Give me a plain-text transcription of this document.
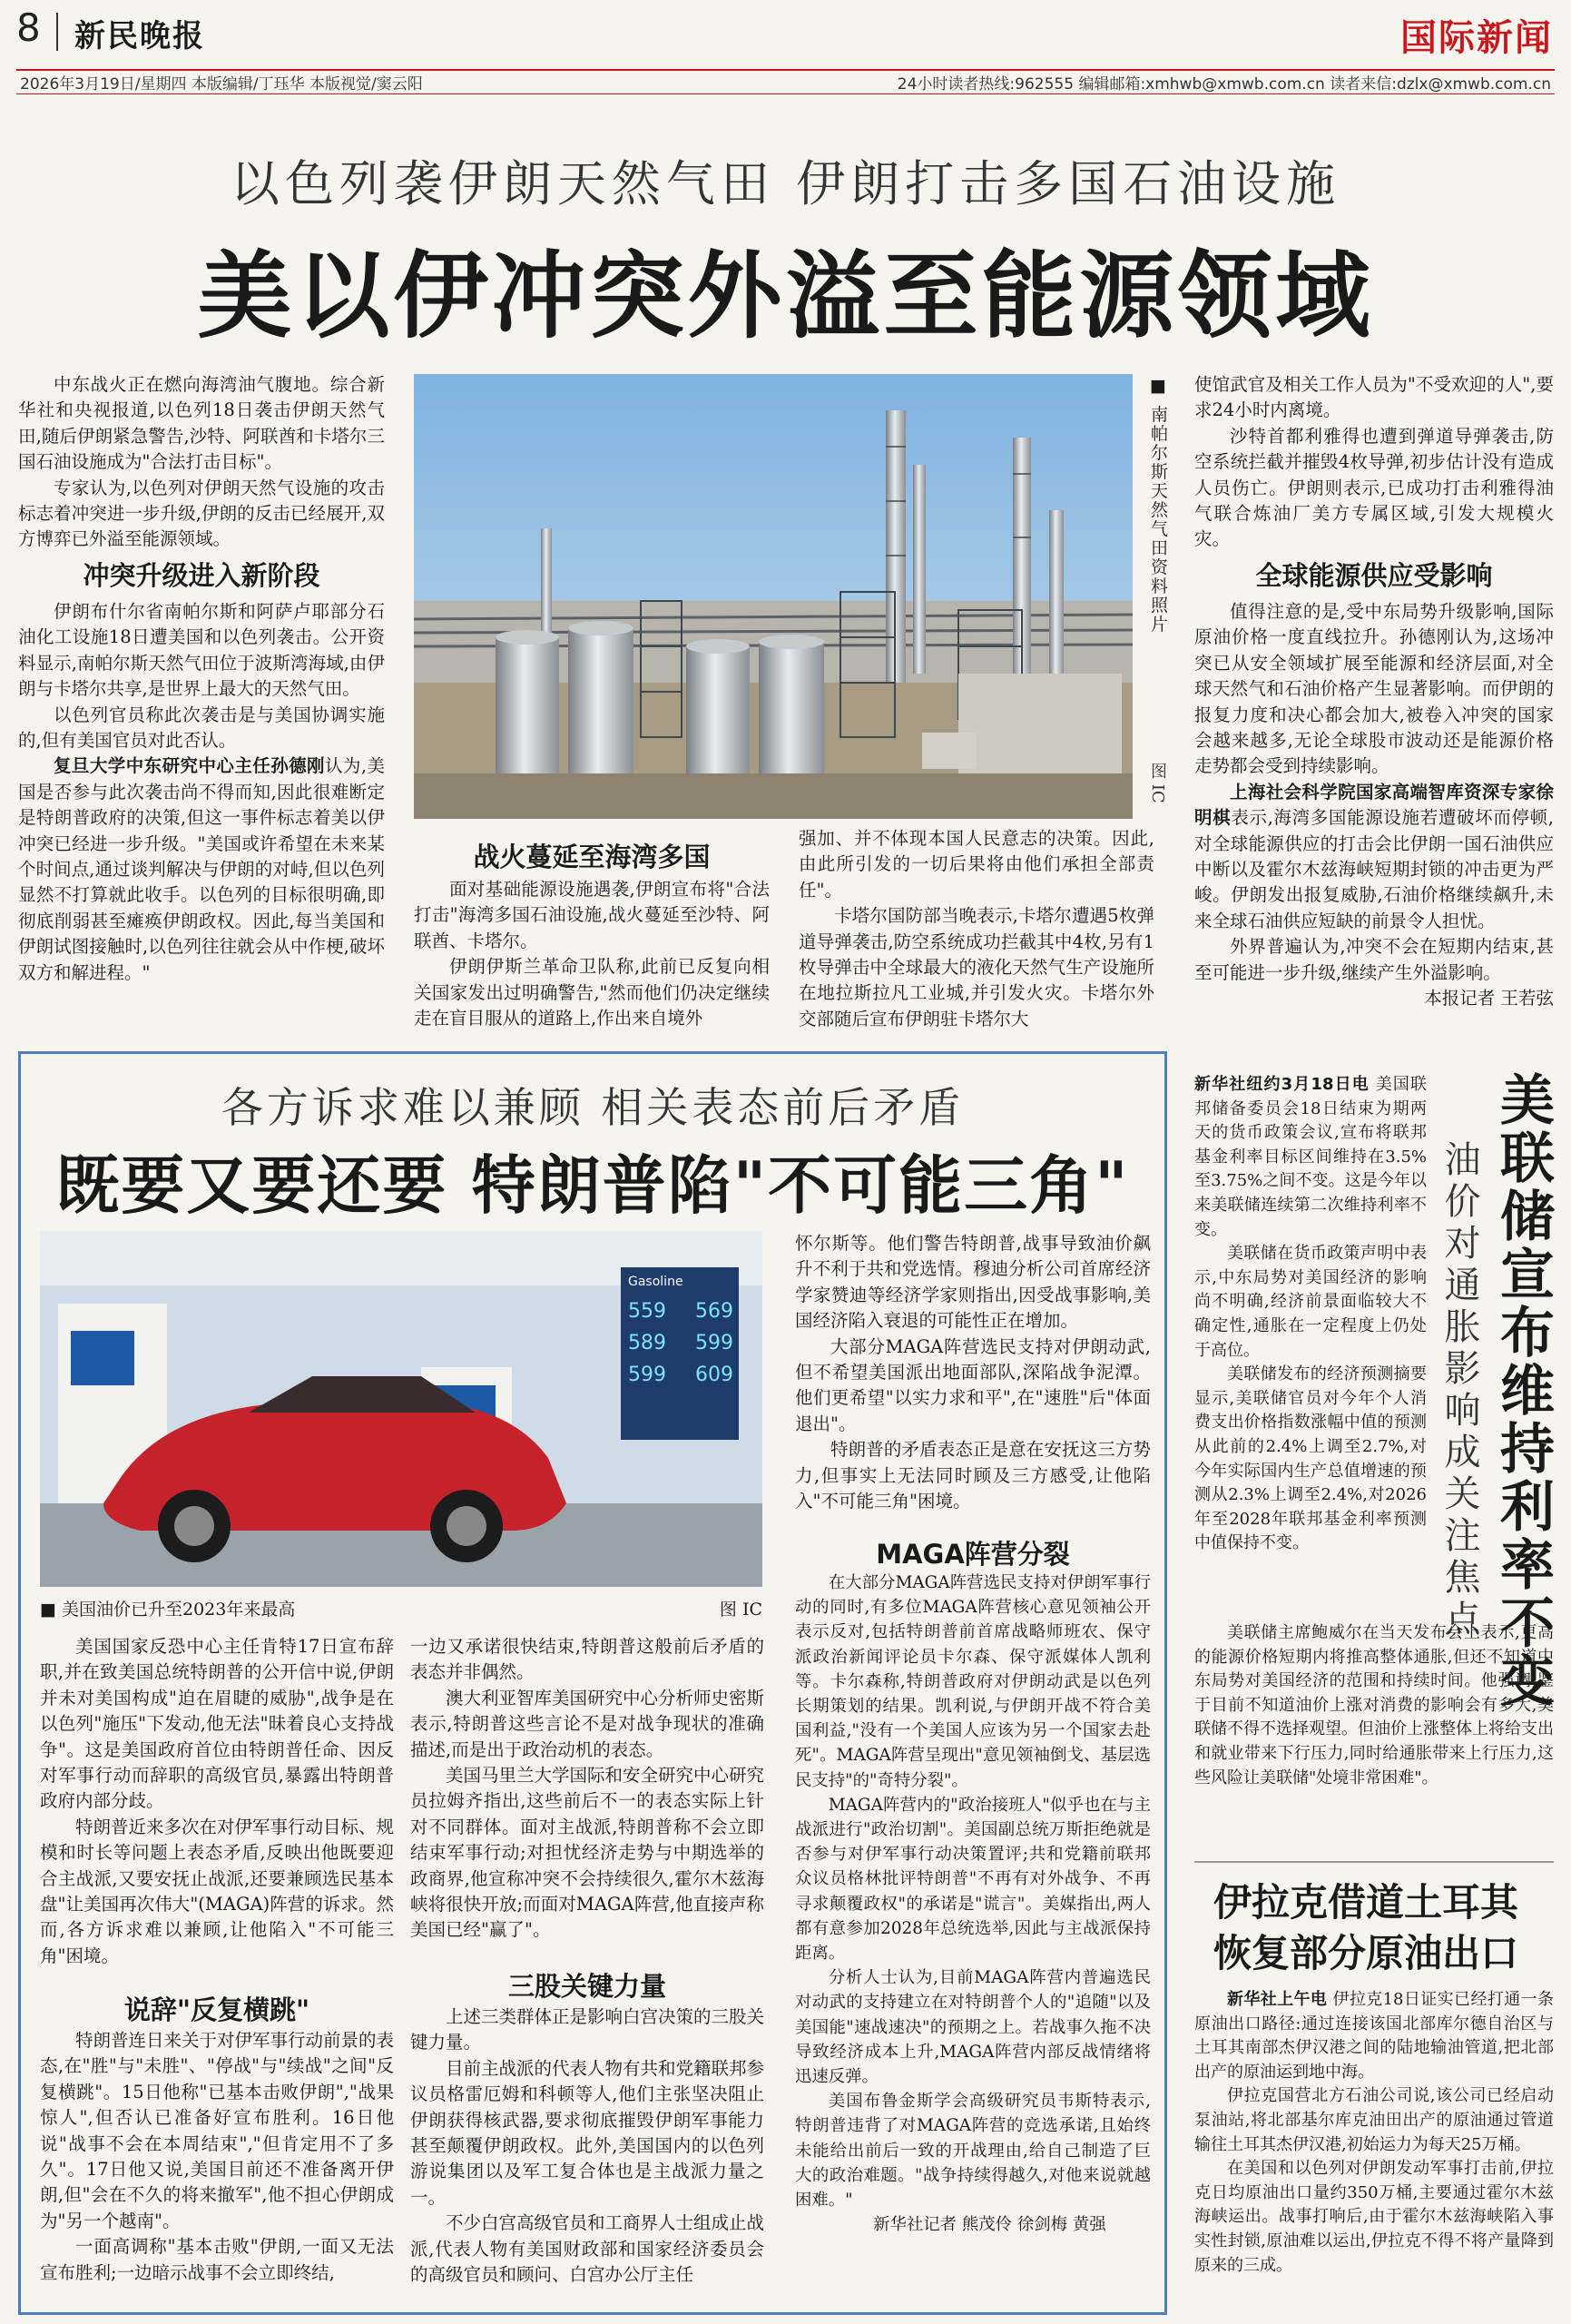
8 新民晚报	国际新闻
2026年3月19日/星期四 本版编辑/丁珏华 本版视觉/窦云阳	24小时读者热线:962555 编辑邮箱:xmhwb@xmwb.com.cn 读者来信:dzlx@xmwb.com.cn
以色列袭伊朗天然气田 伊朗打击多国石油设施
美以伊冲突外溢至能源领域

中东战火正在燃向海湾油气腹地。综合新华社和央视报道,以色列18日袭击伊朗天然气田,随后伊朗紧急警告,沙特、阿联酋和卡塔尔三国石油设施成为"合法打击目标"。

专家认为,以色列对伊朗天然气设施的攻击标志着冲突进一步升级,伊朗的反击已经展开,双方博弈已外溢至能源领域。

冲突升级进入新阶段

伊朗布什尔省南帕尔斯和阿萨卢耶部分石油化工设施18日遭美国和以色列袭击。公开资料显示,南帕尔斯天然气田位于波斯湾海域,由伊朗与卡塔尔共享,是世界上最大的天然气田。

以色列官员称此次袭击是与美国协调实施的,但有美国官员对此否认。

复旦大学中东研究中心主任孙德刚认为,美国是否参与此次袭击尚不得而知,因此很难断定是特朗普政府的决策,但这一事件标志着美以伊冲突已经进一步升级。"美国或许希望在未来某个时间点,通过谈判解决与伊朗的对峙,但以色列显然不打算就此收手。以色列的目标很明确,即彻底削弱甚至瘫痪伊朗政权。因此,每当美国和伊朗试图接触时,以色列往往就会从中作梗,破坏双方和解进程。"

■ 南帕尔斯天然气田资料照片
图 IC
战火蔓延至海湾多国

面对基础能源设施遇袭,伊朗宣布将"合法打击"海湾多国石油设施,战火蔓延至沙特、阿联酋、卡塔尔。

伊朗伊斯兰革命卫队称,此前已反复向相关国家发出过明确警告,"然而他们仍决定继续走在盲目服从的道路上,作出来自境外

强加、并不体现本国人民意志的决策。因此,由此所引发的一切后果将由他们承担全部责任"。

卡塔尔国防部当晚表示,卡塔尔遭遇5枚弹道导弹袭击,防空系统成功拦截其中4枚,另有1枚导弹击中全球最大的液化天然气生产设施所在地拉斯拉凡工业城,并引发火灾。卡塔尔外交部随后宣布伊朗驻卡塔尔大

使馆武官及相关工作人员为"不受欢迎的人",要求24小时内离境。

沙特首都利雅得也遭到弹道导弹袭击,防空系统拦截并摧毁4枚导弹,初步估计没有造成人员伤亡。伊朗则表示,已成功打击利雅得油气联合炼油厂美方专属区域,引发大规模火灾。

全球能源供应受影响

值得注意的是,受中东局势升级影响,国际原油价格一度直线拉升。孙德刚认为,这场冲突已从安全领域扩展至能源和经济层面,对全球天然气和石油价格产生显著影响。而伊朗的报复力度和决心都会加大,被卷入冲突的国家会越来越多,无论全球股市波动还是能源价格走势都会受到持续影响。

上海社会科学院国家高端智库资深专家徐明棋表示,海湾多国能源设施若遭破坏而停顿,对全球能源供应的打击会比伊朗一国石油供应中断以及霍尔木兹海峡短期封锁的冲击更为严峻。伊朗发出报复威胁,石油价格继续飙升,未来全球石油供应短缺的前景令人担忧。

外界普遍认为,冲突不会在短期内结束,甚至可能进一步升级,继续产生外溢影响。

本报记者 王若弦

各方诉求难以兼顾 相关表态前后矛盾
既要又要还要 特朗普陷"不可能三角"
Gasoline
559 569
589 599
599 609
■ 美国油价已升至2023年来最高	图 IC

美国国家反恐中心主任肯特17日宣布辞职,并在致美国总统特朗普的公开信中说,伊朗并未对美国构成"迫在眉睫的威胁",战争是在以色列"施压"下发动,他无法"昧着良心支持战争"。这是美国政府首位由特朗普任命、因反对军事行动而辞职的高级官员,暴露出特朗普政府内部分歧。

特朗普近来多次在对伊军事行动目标、规模和时长等问题上表态矛盾,反映出他既要迎合主战派,又要安抚止战派,还要兼顾选民基本盘"让美国再次伟大"(MAGA)阵营的诉求。然而,各方诉求难以兼顾,让他陷入"不可能三角"困境。

说辞"反复横跳"

特朗普连日来关于对伊军事行动前景的表态,在"胜"与"未胜"、"停战"与"续战"之间"反复横跳"。15日他称"已基本击败伊朗","战果惊人",但否认已准备好宣布胜利。16日他说"战事不会在本周结束","但肯定用不了多久"。17日他又说,美国目前还不准备离开伊朗,但"会在不久的将来撤军",他不担心伊朗成为"另一个越南"。

一面高调称"基本击败"伊朗,一面又无法宣布胜利;一边暗示战事不会立即终结,

一边又承诺很快结束,特朗普这般前后矛盾的表态并非偶然。

澳大利亚智库美国研究中心分析师史密斯表示,特朗普这些言论不是对战争现状的准确描述,而是出于政治动机的表态。

美国马里兰大学国际和安全研究中心研究员拉姆齐指出,这些前后不一的表态实际上针对不同群体。面对主战派,特朗普称不会立即结束军事行动;对担忧经济走势与中期选举的政商界,他宣称冲突不会持续很久,霍尔木兹海峡将很快开放;而面对MAGA阵营,他直接声称美国已经"赢了"。

三股关键力量

上述三类群体正是影响白宫决策的三股关键力量。

目前主战派的代表人物有共和党籍联邦参议员格雷厄姆和科顿等人,他们主张坚决阻止伊朗获得核武器,要求彻底摧毁伊朗军事能力甚至颠覆伊朗政权。此外,美国国内的以色列游说集团以及军工复合体也是主战派力量之一。

不少白宫高级官员和工商界人士组成止战派,代表人物有美国财政部和国家经济委员会的高级官员和顾问、白宫办公厅主任

怀尔斯等。他们警告特朗普,战事导致油价飙升不利于共和党选情。穆迪分析公司首席经济学家赞迪等经济学家则指出,因受战事影响,美国经济陷入衰退的可能性正在增加。

大部分MAGA阵营选民支持对伊朗动武,但不希望美国派出地面部队,深陷战争泥潭。他们更希望"以实力求和平",在"速胜"后"体面退出"。

特朗普的矛盾表态正是意在安抚这三方势力,但事实上无法同时顾及三方感受,让他陷入"不可能三角"困境。

MAGA阵营分裂

在大部分MAGA阵营选民支持对伊朗军事行动的同时,有多位MAGA阵营核心意见领袖公开表示反对,包括特朗普前首席战略师班农、保守派政治新闻评论员卡尔森、保守派媒体人凯利等。卡尔森称,特朗普政府对伊朗动武是以色列长期策划的结果。凯利说,与伊朗开战不符合美国利益,"没有一个美国人应该为另一个国家去赴死"。MAGA阵营呈现出"意见领袖倒戈、基层选民支持"的"奇特分裂"。

MAGA阵营内的"政治接班人"似乎也在与主战派进行"政治切割"。美国副总统万斯拒绝就是否参与对伊军事行动决策置评;共和党籍前联邦众议员格林批评特朗普"不再有对外战争、不再寻求颠覆政权"的承诺是"谎言"。美媒指出,两人都有意参加2028年总统选举,因此与主战派保持距离。

分析人士认为,目前MAGA阵营内普遍选民对动武的支持建立在对特朗普个人的"追随"以及美国能"速战速决"的预期之上。若战事久拖不决导致经济成本上升,MAGA阵营内部反战情绪将迅速反弹。

美国布鲁金斯学会高级研究员韦斯特表示,特朗普违背了对MAGA阵营的竞选承诺,且始终未能给出前后一致的开战理由,给自己制造了巨大的政治难题。"战争持续得越久,对他来说就越困难。"

新华社记者 熊茂伶 徐剑梅 黄强

美联储宣布维持利率不变
油价对通胀影响成关注焦点

新华社纽约3月18日电 美国联邦储备委员会18日结束为期两天的货币政策会议,宣布将联邦基金利率目标区间维持在3.5%至3.75%之间不变。这是今年以来美联储连续第二次维持利率不变。

美联储在货币政策声明中表示,中东局势对美国经济的影响尚不明确,经济前景面临较大不确定性,通胀在一定程度上仍处于高位。

美联储发布的经济预测摘要显示,美联储官员对今年个人消费支出价格指数涨幅中值的预测从此前的2.4%上调至2.7%,对今年实际国内生产总值增速的预测从2.3%上调至2.4%,对2026年至2028年联邦基金利率预测中值保持不变。

美联储主席鲍威尔在当天发布会上表示,更高的能源价格短期内将推高整体通胀,但还不知道中东局势对美国经济的范围和持续时间。他强调,鉴于目前不知道油价上涨对消费的影响会有多大,美联储不得不选择观望。但油价上涨整体上将给支出和就业带来下行压力,同时给通胀带来上行压力,这些风险让美联储"处境非常困难"。

伊拉克借道土耳其
恢复部分原油出口

新华社上午电 伊拉克18日证实已经打通一条原油出口路径:通过连接该国北部库尔德自治区与土耳其南部杰伊汉港之间的陆地输油管道,把北部出产的原油运到地中海。

伊拉克国营北方石油公司说,该公司已经启动泵油站,将北部基尔库克油田出产的原油通过管道输往土耳其杰伊汉港,初始运力为每天25万桶。

在美国和以色列对伊朗发动军事打击前,伊拉克日均原油出口量约350万桶,主要通过霍尔木兹海峡运出。战事打响后,由于霍尔木兹海峡陷入事实性封锁,原油难以运出,伊拉克不得不将产量降到原来的三成。
